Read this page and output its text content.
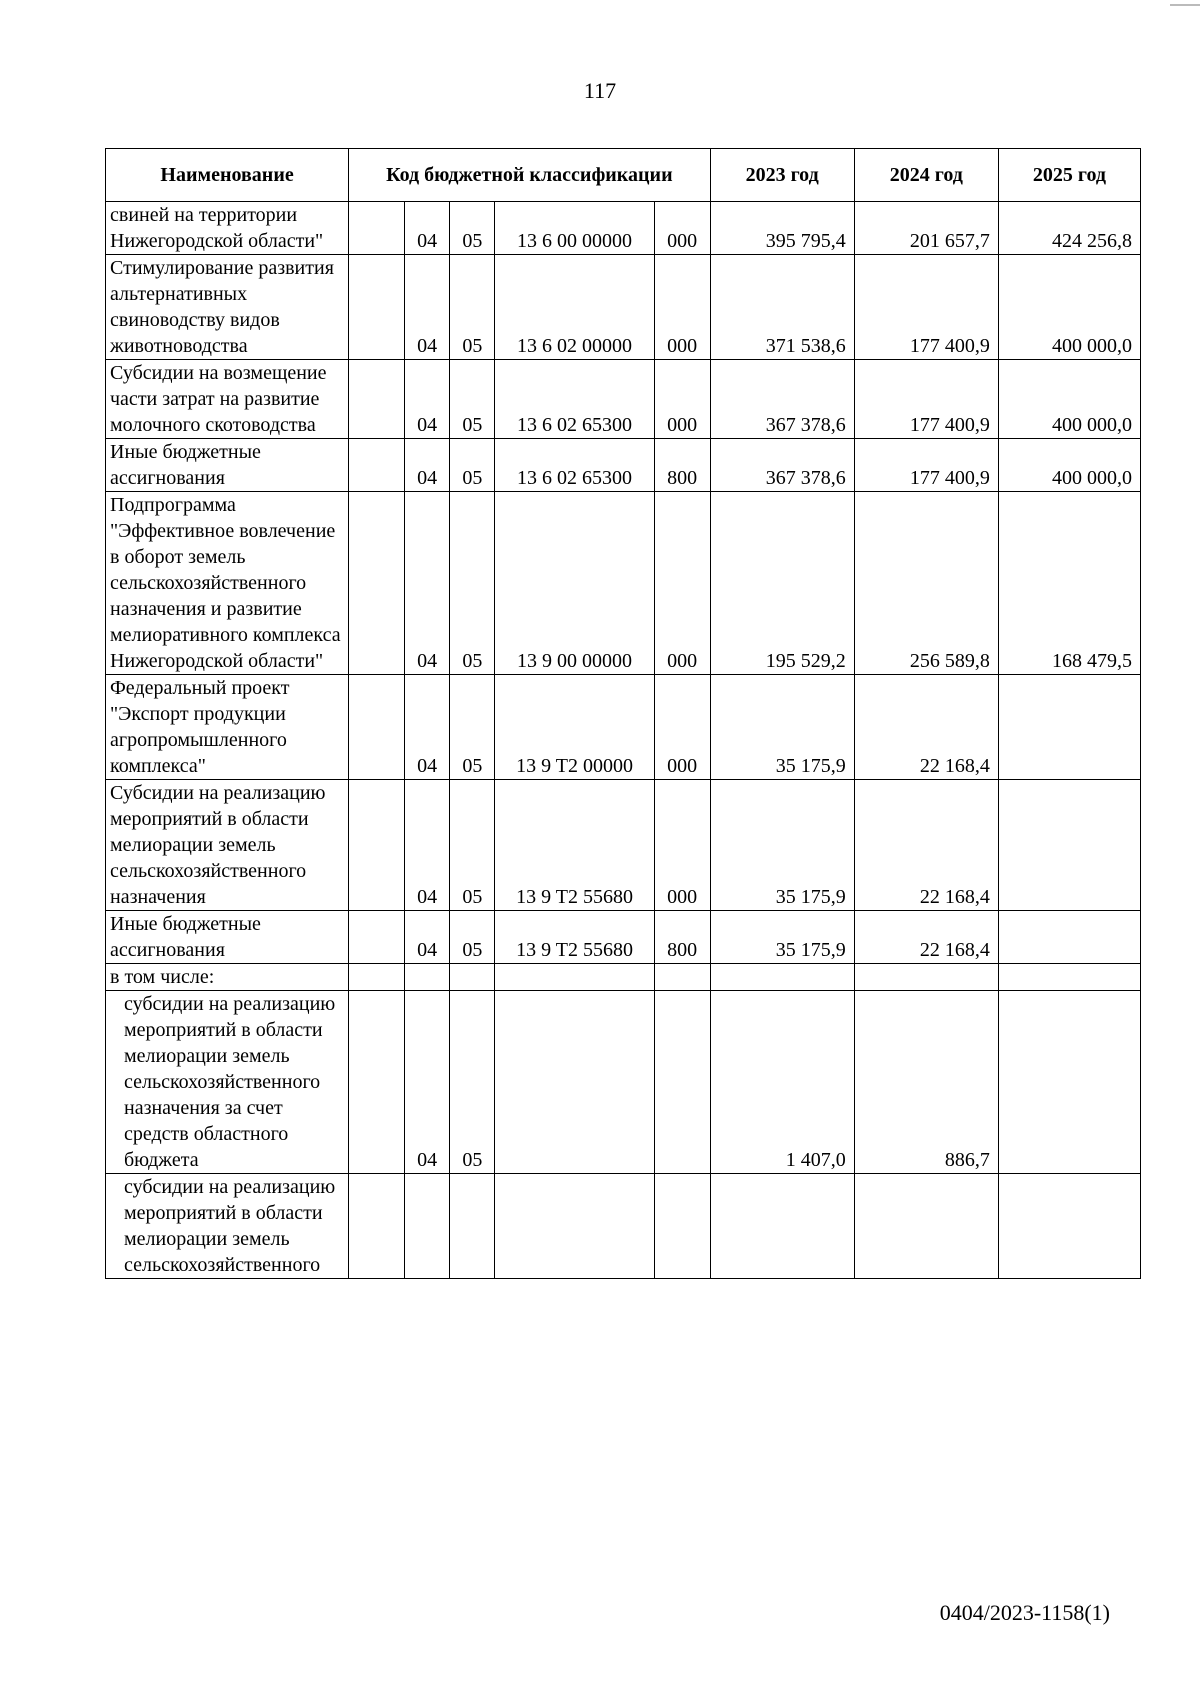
117
Наименование	Код бюджетной классификации					2023 год	2024 год	2025 год
свиней на территории Нижегородской области"		04	05	13 6 00 00000	000	395 795,4	201 657,7	424 256,8
Стимулирование развития альтернативных свиноводству видов животноводства		04	05	13 6 02 00000	000	371 538,6	177 400,9	400 000,0
Субсидии на возмещение части затрат на развитие молочного скотоводства		04	05	13 6 02 65300	000	367 378,6	177 400,9	400 000,0
Иные бюджетные ассигнования		04	05	13 6 02 65300	800	367 378,6	177 400,9	400 000,0
Подпрограмма "Эффективное вовлечение в оборот земель сельскохозяйственного назначения и развитие мелиоративного комплекса Нижегородской области"		04	05	13 9 00 00000	000	195 529,2	256 589,8	168 479,5
Федеральный проект "Экспорт продукции агропромышленного комплекса"		04	05	13 9 T2 00000	000	35 175,9	22 168,4	
Субсидии на реализацию мероприятий в области мелиорации земель сельскохозяйственного назначения		04	05	13 9 T2 55680	000	35 175,9	22 168,4	
Иные бюджетные ассигнования		04	05	13 9 T2 55680	800	35 175,9	22 168,4	
в том числе:								
субсидии на реализацию мероприятий в области мелиорации земель сельскохозяйственного назначения за счет средств областного бюджета		04	05			1 407,0	886,7	
субсидии на реализацию мероприятий в области мелиорации земель сельскохозяйственного								
0404/2023-1158(1)
